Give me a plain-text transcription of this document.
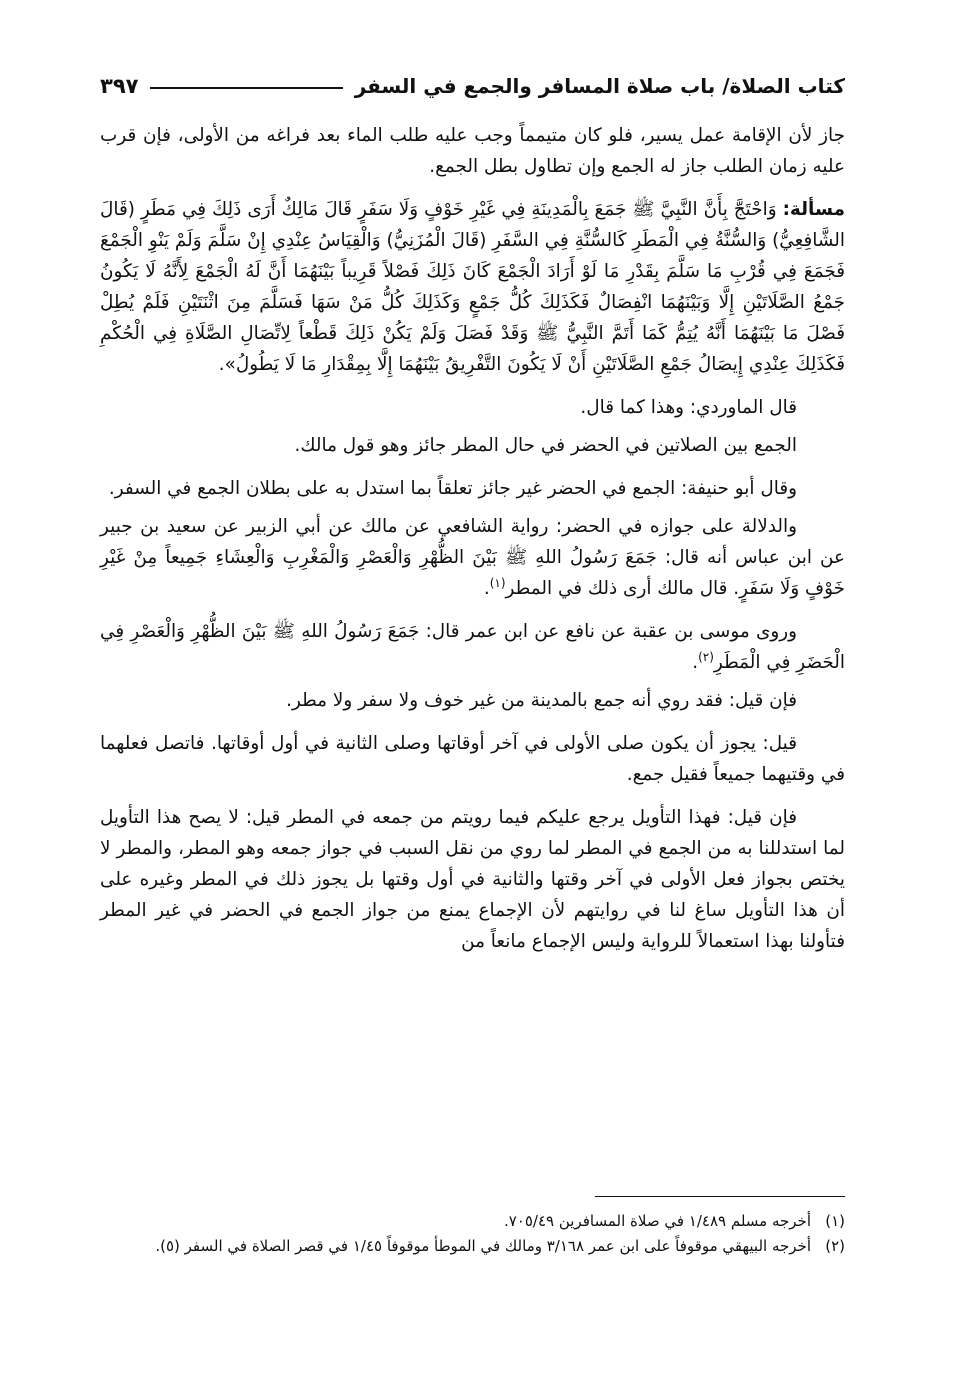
كتاب الصلاة/ باب صلاة المسافر والجمع في السفر
٣٩٧

جاز لأن الإقامة عمل يسير، فلو كان متيمماً وجب عليه طلب الماء بعد فراغه من الأولى، فإن قرب عليه زمان الطلب جاز له الجمع وإن تطاول بطل الجمع.

مسألة: وَاحْتَجَّ بِأَنَّ النَّبِيَّ ﷺ جَمَعَ بِالْمَدِينَةِ فِي غَيْرِ خَوْفٍ وَلَا سَفَرٍ قَالَ مَالِكٌ أَرَى ذَلِكَ فِي مَطَرٍ (قَالَ الشَّافِعِيُّ) وَالسُّنَّةُ فِي الْمَطَرِ كَالسُّنَّةِ فِي السَّفَرِ (قَالَ الْمُزَنِيُّ) وَالْقِيَاسُ عِنْدِي إِنْ سَلَّمَ وَلَمْ يَنْوِ الْجَمْعَ فَجَمَعَ فِي قُرْبِ مَا سَلَّمَ بِقَدْرِ مَا لَوْ أَرَادَ الْجَمْعَ كَانَ ذَلِكَ فَصْلاً قَرِيباً بَيْنَهُمَا أَنَّ لَهُ الْجَمْعَ لِأَنَّهُ لَا يَكُونُ جَمْعُ الصَّلَاتَيْنِ إِلَّا وَبَيْنَهُمَا انْفِصَالٌ فَكَذَلِكَ كُلُّ جَمْعٍ وَكَذَلِكَ كُلُّ مَنْ سَهَا فَسَلَّمَ مِنَ اثْنَتَيْنِ فَلَمْ يُطِلْ فَصْلَ مَا بَيْنَهُمَا أَنَّهُ يُتِمُّ كَمَا أَتَمَّ النَّبِيُّ ﷺ وَقَدْ فَصَلَ وَلَمْ يَكُنْ ذَلِكَ قَطْعاً لِاتِّصَالِ الصَّلَاةِ فِي الْحُكْمِ فَكَذَلِكَ عِنْدِي إِيصَالُ جَمْعِ الصَّلَاتَيْنِ أَنْ لَا يَكُونَ التَّفْرِيقُ بَيْنَهُمَا إِلَّا بِمِقْدَارِ مَا لَا يَطُولُ».

قال الماوردي: وهذا كما قال.

الجمع بين الصلاتين في الحضر في حال المطر جائز وهو قول مالك.

وقال أبو حنيفة: الجمع في الحضر غير جائز تعلقاً بما استدل به على بطلان الجمع في السفر.

والدلالة على جوازه في الحضر: رواية الشافعي عن مالك عن أبي الزبير عن سعيد بن جبير عن ابن عباس أنه قال: جَمَعَ رَسُولُ اللهِ ﷺ بَيْنَ الظُّهْرِ وَالْعَصْرِ وَالْمَغْرِبِ وَالْعِشَاءِ جَمِيعاً مِنْ غَيْرِ خَوْفٍ وَلَا سَفَرٍ. قال مالك أرى ذلك في المطر$^{(١)}$.

وروى موسى بن عقبة عن نافع عن ابن عمر قال: جَمَعَ رَسُولُ اللهِ ﷺ بَيْنَ الظُّهْرِ وَالْعَصْرِ فِي الْحَضَرِ فِي الْمَطَرِ$^{(٢)}$.

فإن قيل: فقد روي أنه جمع بالمدينة من غير خوف ولا سفر ولا مطر.

قيل: يجوز أن يكون صلى الأولى في آخر أوقاتها وصلى الثانية في أول أوقاتها. فاتصل فعلهما في وقتيهما جميعاً فقيل جمع.

فإن قيل: فهذا التأويل يرجع عليكم فيما رويتم من جمعه في المطر قيل: لا يصح هذا التأويل لما استدللنا به من الجمع في المطر لما روي من نقل السبب في جواز جمعه وهو المطر، والمطر لا يختص بجواز فعل الأولى في آخر وقتها والثانية في أول وقتها بل يجوز ذلك في المطر وغيره على أن هذا التأويل ساغ لنا في روايتهم لأن الإجماع يمنع من جواز الجمع في الحضر في غير المطر فتأولنا بهذا استعمالاً للرواية وليس الإجماع مانعاً من

(١)
أخرجه مسلم ١/٤٨٩ في صلاة المسافرين ٧٠٥/٤٩.
(٢)
أخرجه البيهقي موقوفاً على ابن عمر ٣/١٦٨ ومالك في الموطأ موقوفاً ١/٤٥ في قصر الصلاة في السفر (٥).
